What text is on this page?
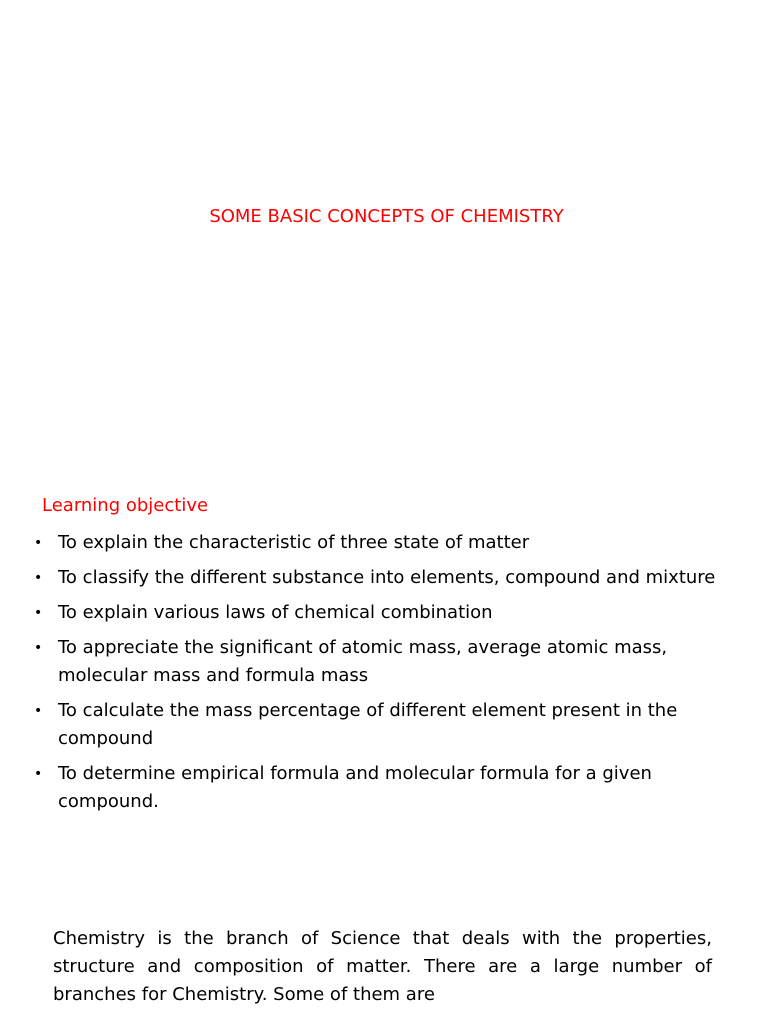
SOME BASIC CONCEPTS OF CHEMISTRY
Learning objective
• To explain the characteristic of three state of matter
• To classify the different substance into elements, compound and mixture
• To explain various laws of chemical combination
• To appreciate the significant of atomic mass, average atomic mass, molecular mass and formula mass
• To calculate the mass percentage of different element present in the compound
• To determine empirical formula and molecular formula for a given compound.

Chemistry is the branch of Science that deals with the properties, structure and composition of matter. There are a large number of branches for Chemistry. Some of them are
